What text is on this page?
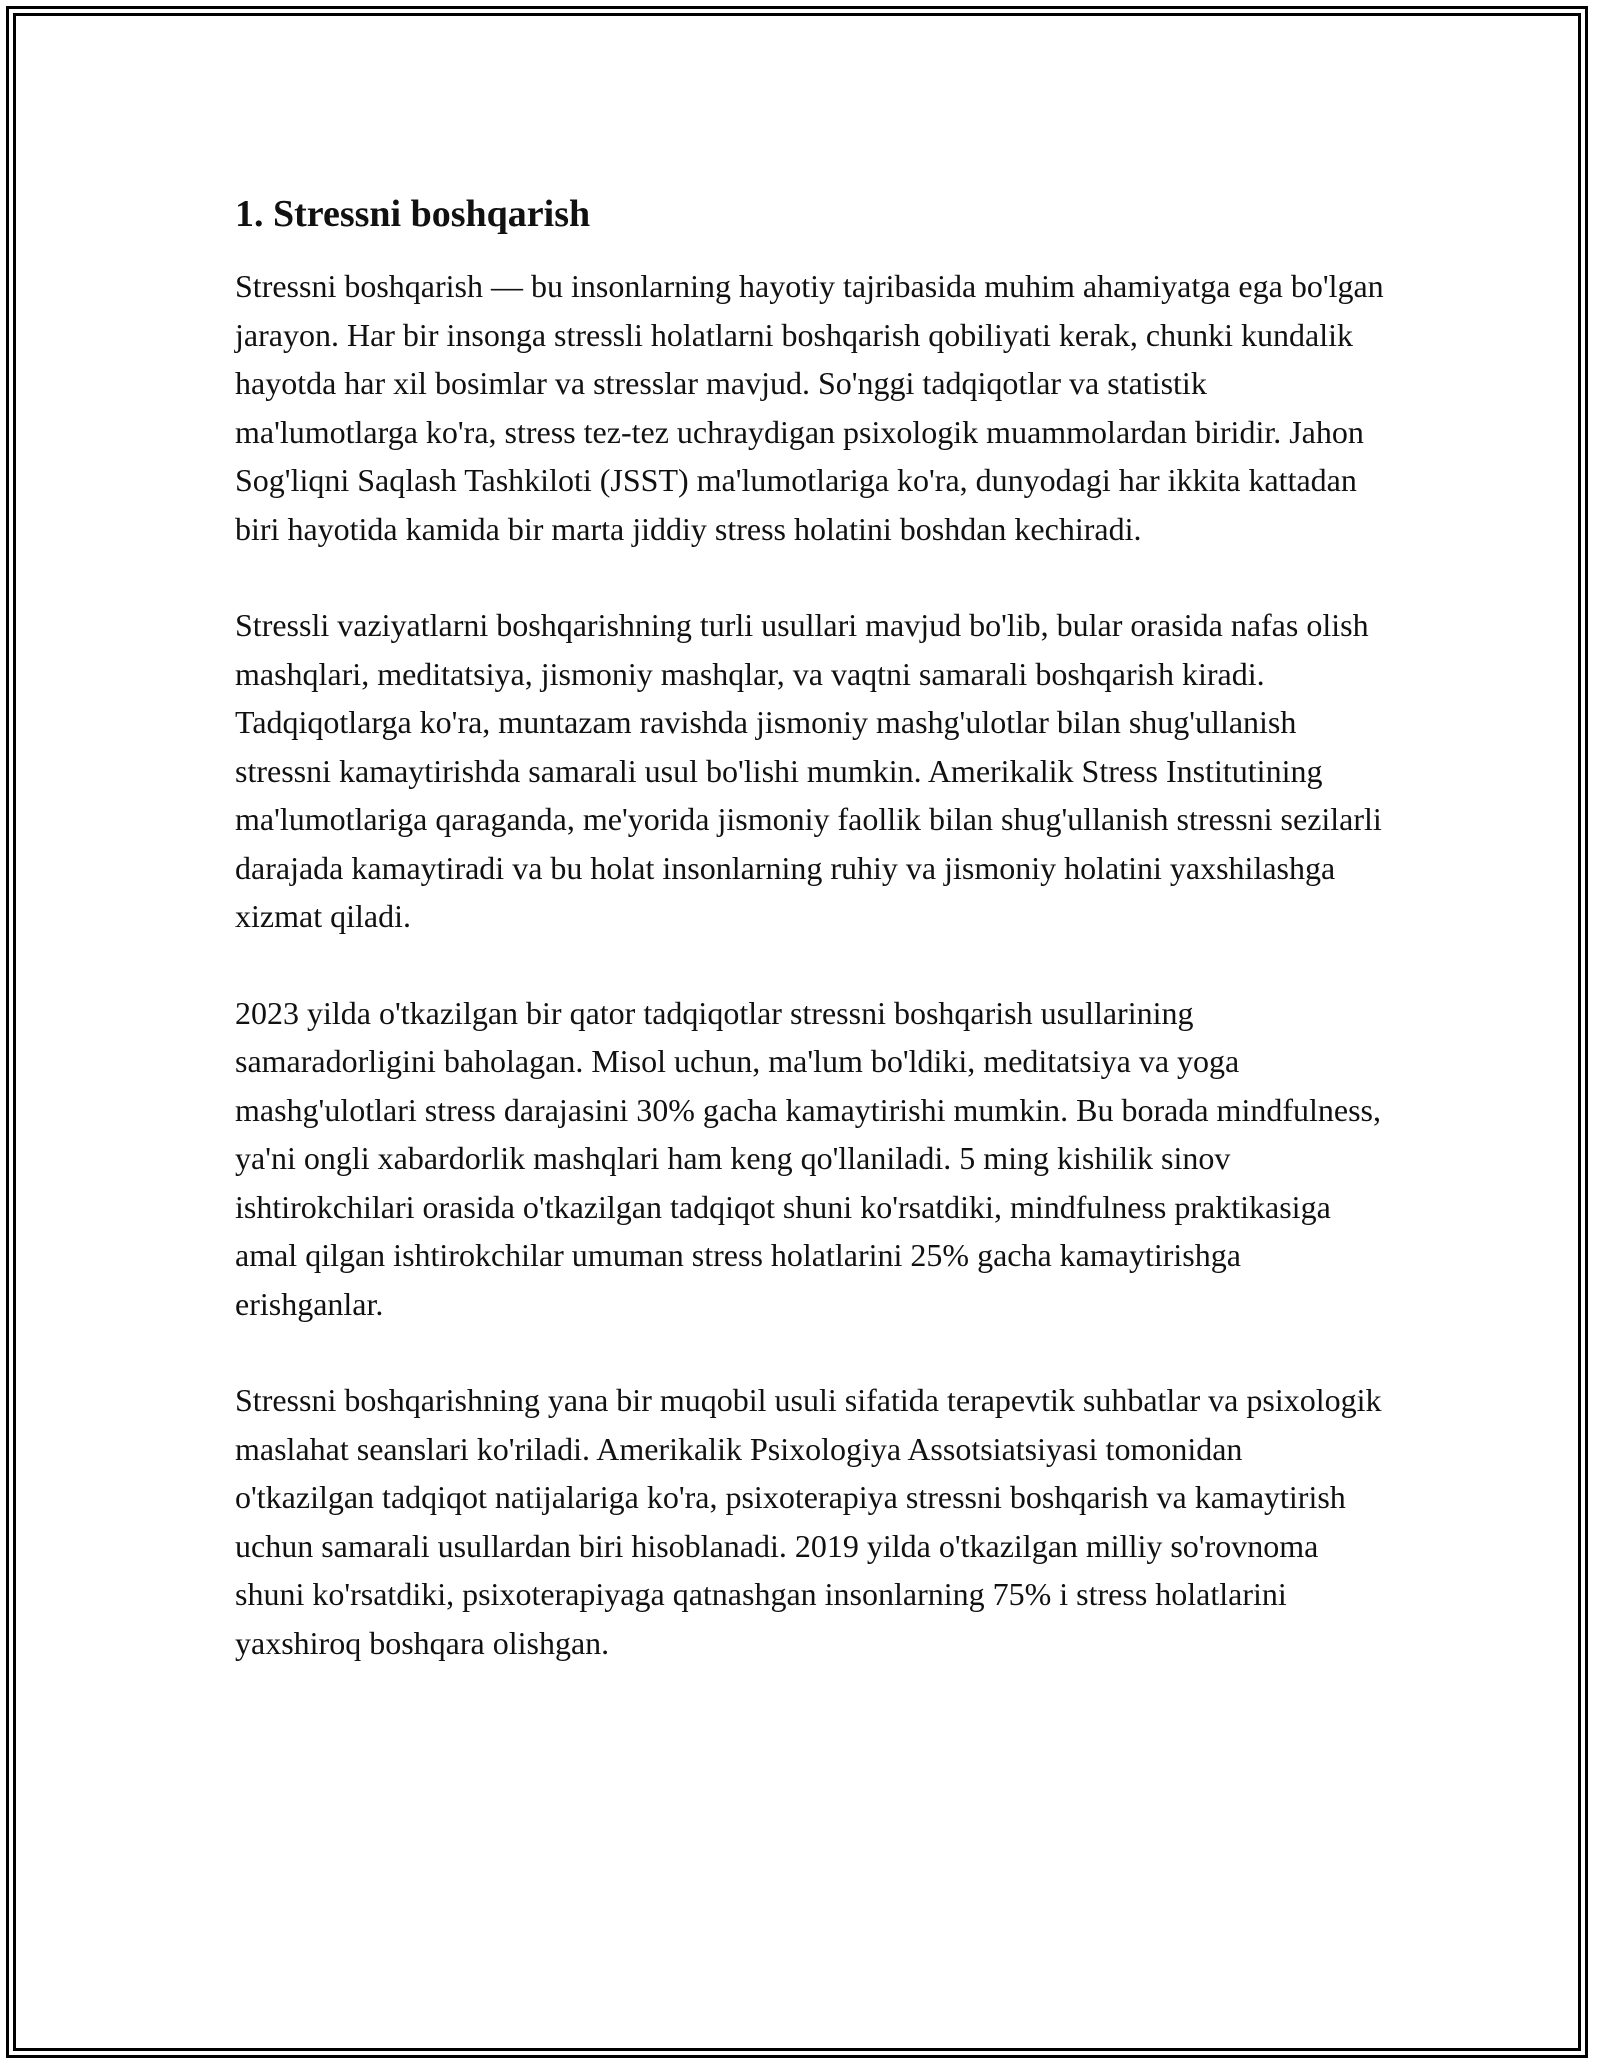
1. Stressni boshqarish

Stressni boshqarish — bu insonlarning hayotiy tajribasida muhim ahamiyatga ega bo'lgan jarayon. Har bir insonga stressli holatlarni boshqarish qobiliyati kerak, chunki kundalik hayotda har xil bosimlar va stresslar mavjud. So'nggi tadqiqotlar va statistik ma'lumotlarga ko'ra, stress tez-tez uchraydigan psixologik muammolardan biridir. Jahon Sog'liqni Saqlash Tashkiloti (JSST) ma'lumotlariga ko'ra, dunyodagi har ikkita kattadan biri hayotida kamida bir marta jiddiy stress holatini boshdan kechiradi.

Stressli vaziyatlarni boshqarishning turli usullari mavjud bo'lib, bular orasida nafas olish mashqlari, meditatsiya, jismoniy mashqlar, va vaqtni samarali boshqarish kiradi. Tadqiqotlarga ko'ra, muntazam ravishda jismoniy mashg'ulotlar bilan shug'ullanish stressni kamaytirishda samarali usul bo'lishi mumkin. Amerikalik Stress Institutining ma'lumotlariga qaraganda, me'yorida jismoniy faollik bilan shug'ullanish stressni sezilarli darajada kamaytiradi va bu holat insonlarning ruhiy va jismoniy holatini yaxshilashga xizmat qiladi.

2023 yilda o'tkazilgan bir qator tadqiqotlar stressni boshqarish usullarining samaradorligini baholagan. Misol uchun, ma'lum bo'ldiki, meditatsiya va yoga mashg'ulotlari stress darajasini 30% gacha kamaytirishi mumkin. Bu borada mindfulness, ya'ni ongli xabardorlik mashqlari ham keng qo'llaniladi. 5 ming kishilik sinov ishtirokchilari orasida o'tkazilgan tadqiqot shuni ko'rsatdiki, mindfulness praktikasiga amal qilgan ishtirokchilar umuman stress holatlarini 25% gacha kamaytirishga erishganlar.

Stressni boshqarishning yana bir muqobil usuli sifatida terapevtik suhbatlar va psixologik maslahat seanslari ko'riladi. Amerikalik Psixologiya Assotsiatsiyasi tomonidan o'tkazilgan tadqiqot natijalariga ko'ra, psixoterapiya stressni boshqarish va kamaytirish uchun samarali usullardan biri hisoblanadi. 2019 yilda o'tkazilgan milliy so'rovnoma shuni ko'rsatdiki, psixoterapiyaga qatnashgan insonlarning 75% i stress holatlarini yaxshiroq boshqara olishgan.
